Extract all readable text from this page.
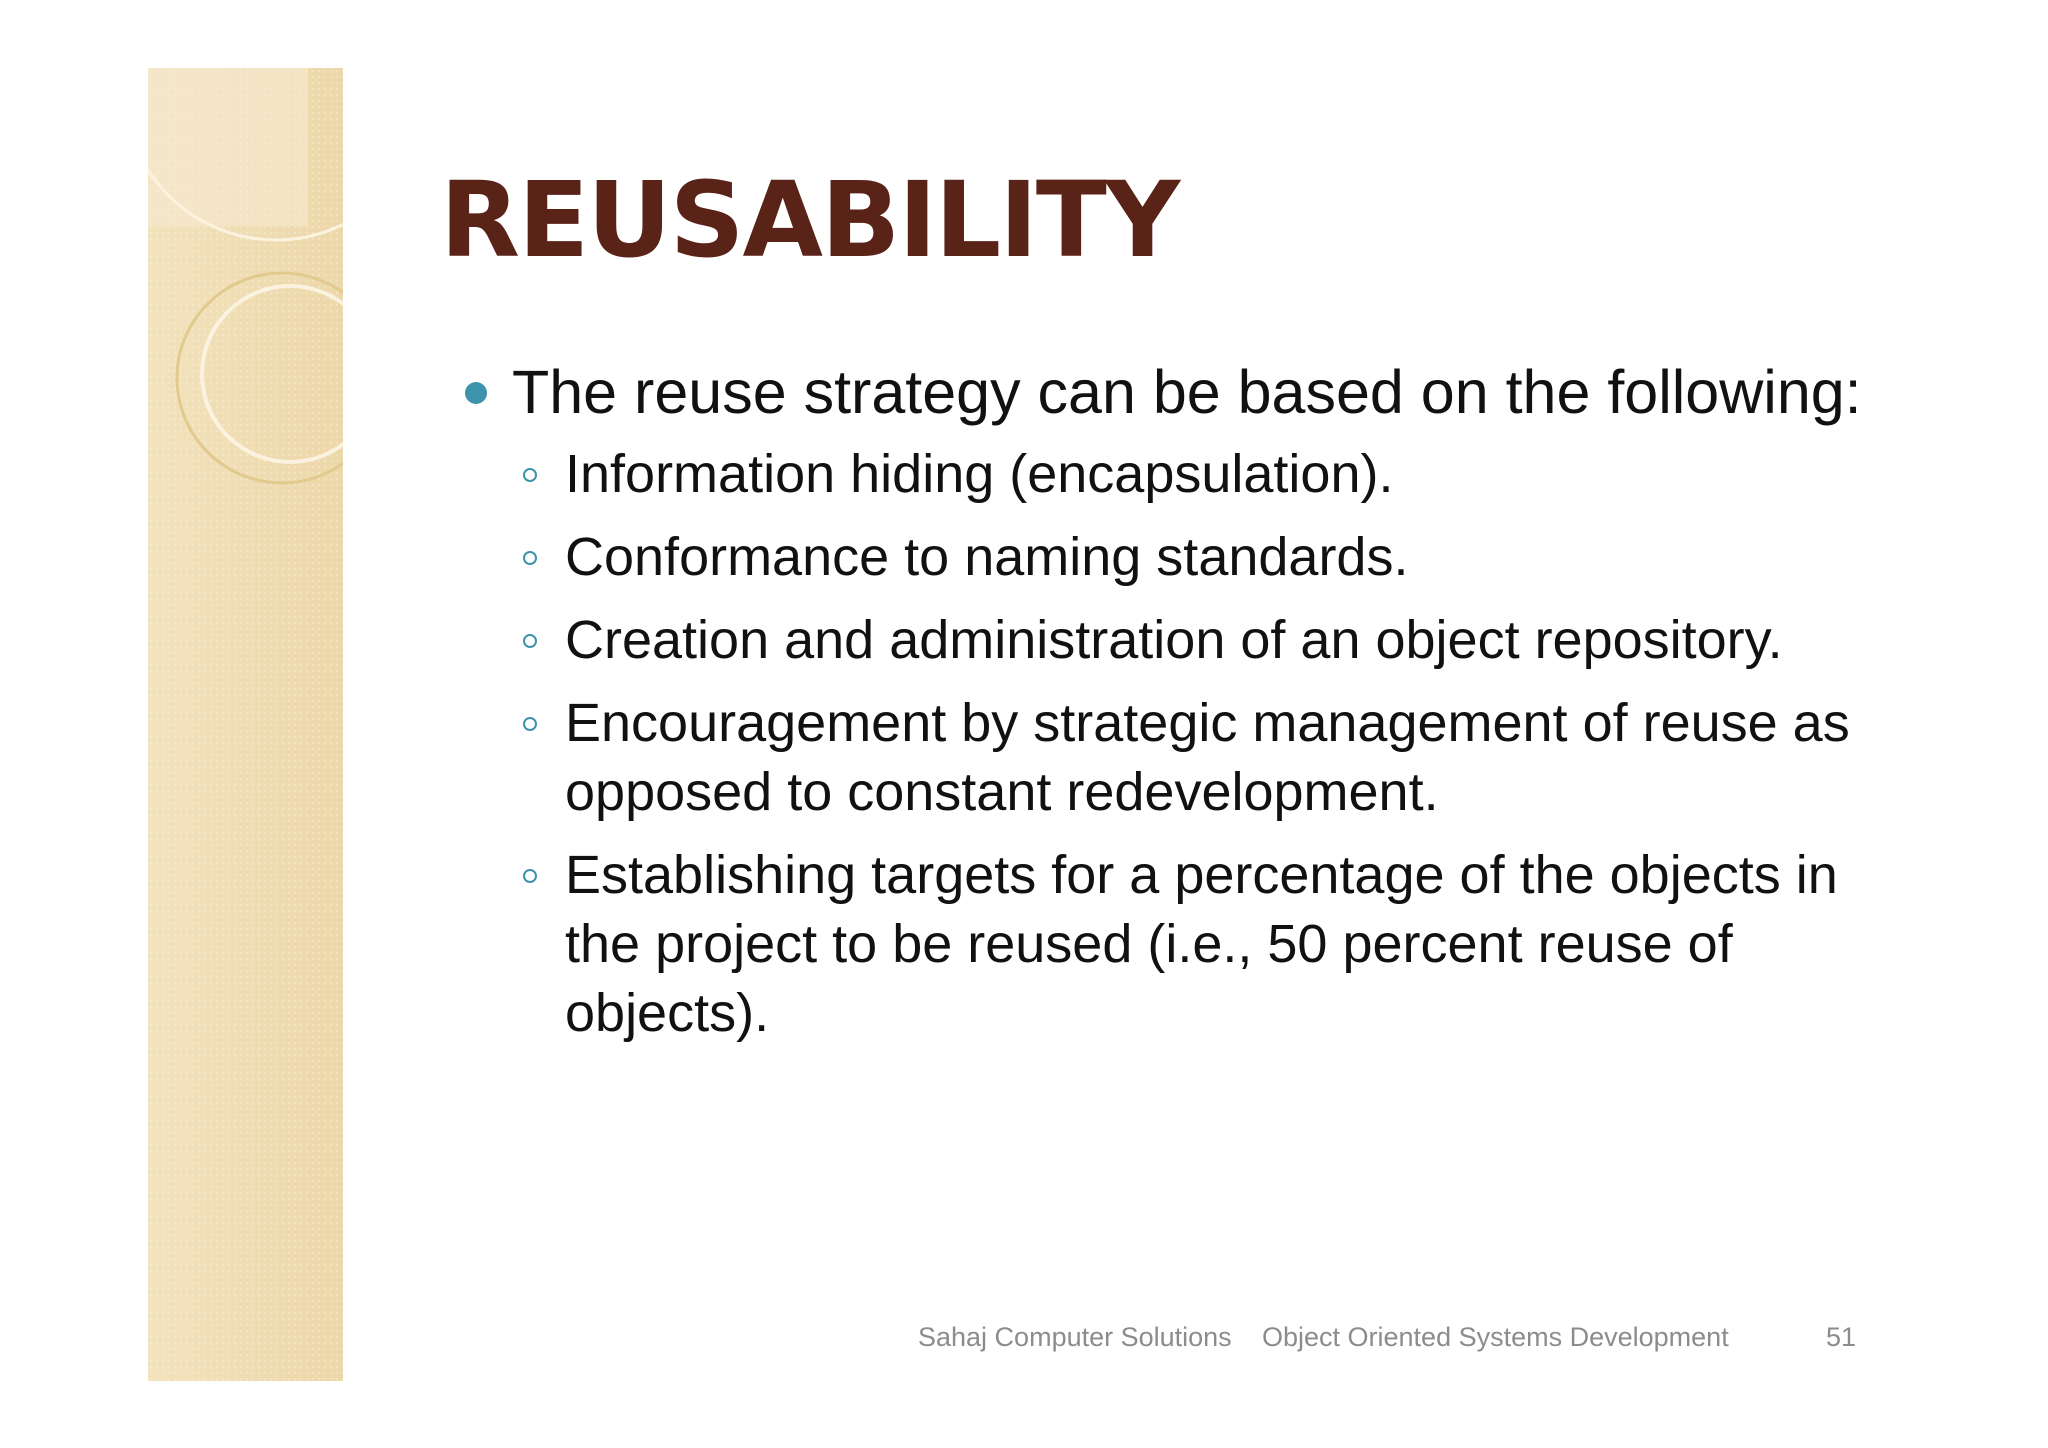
REUSABILITY

The reuse strategy can be based on the following:

Information hiding (encapsulation).
Conformance to naming standards.
Creation and administration of an object repository.
Encouragement by strategic management of reuse as opposed to constant redevelopment.
Establishing targets for a percentage of the objects in the project to be reused (i.e., 50 percent reuse of objects).
Sahaj Computer Solutions Object Oriented Systems Development	51
